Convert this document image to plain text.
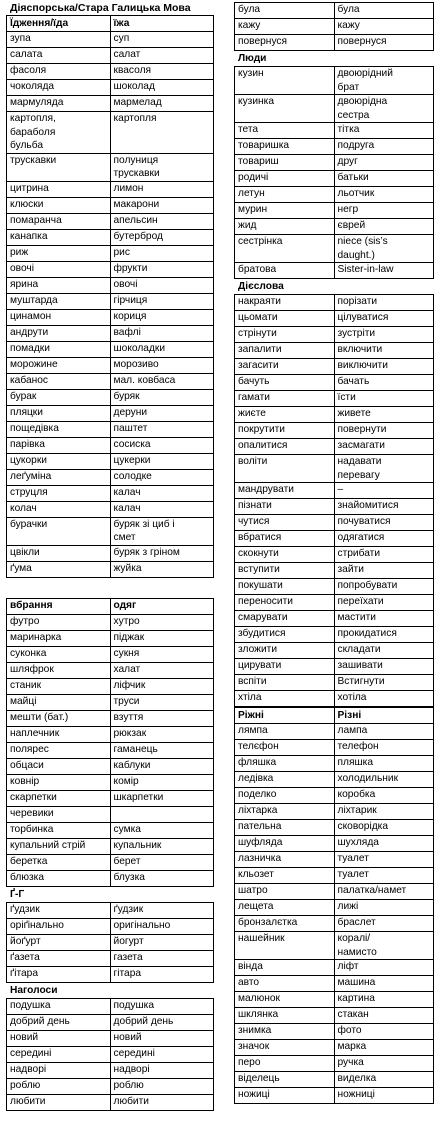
Діяспорська/Стара Галицька Мова
Їдження/їда	їжа
зупа	суп
салата	салат
фасоля	квасоля
чоколяда	шоколад
мармуляда	мармелад
картопля,
бараболя
бульба	картопля
трускавки	полуниця
трускавки
цитрина	лимон
клюски	макарони
помаранча	апельсин
канапка	бутерброд
риж	рис
овочі	фрукти
ярина	овочі
муштарда	гірчиця
цинамон	кориця
андрути	вафлі
помадки	шоколадки
морожине	морозиво
кабанос	мал. ковбаса
бурак	буряк
пляцки	деруни
пощедівка	паштет
парівка	сосиска
цукорки	цукерки
леґуміна	солодке
струцля	калач
колач	калач
бурачки	буряк зі циб і
смет
цвікли	буряк з гріном
ґума	жуйка
вбрання	одяг
футро	хутро
маринарка	піджак
суконка	сукня
шляфрок	халат
станик	ліфчик
майці	труси
мешти (бат.)	взуття
наплечник	рюкзак
полярес	гаманець
обцаси	каблуки
ковнір	комір
скарпетки	шкарпетки
черевики	
торбинка	сумка
купальний стрій	купальник
беретка	берет
блюзка	блузка
Ґ-Г
ґудзик	ґудзик
оріґінально	оригінально
йоґурт	йогурт
ґазета	газета
ґітара	гітара
Наголоси
подушка	подушка
добрий день	добрий день
новий	новий
середині	середині
надворі	надворі
роблю	роблю
любити	любити
була	була
кажу	кажу
повернуся	повернуся
Люди
кузин	двоюрідний
брат
кузинка	двоюрідна
сестра
тета	тітка
товаришка	подруга
товариш	друг
родичі	батьки
летун	льотчик
мурин	негр
жид	єврей
сестрінка	niece (sis’s
daught.)
братова	Sister-in-law
Дієслова
накраяти	порізати
цьомати	цілуватися
стрінути	зустріти
запалити	включити
загасити	виключити
бачуть	бачать
гамати	їсти
жиєте	живете
покрутити	повернути
опалитися	засмагати
воліти	надавати
перевагу
мандрувати	–
пізнати	знайомитися
чутися	почуватися
вбратися	одягатися
скокнути	стрибати
вступити	зайти
покушати	попробувати
переносити	переїхати
смарувати	мастити
збудитися	прокидатися
зложити	складати
цирувати	зашивати
вспіти	Встигнути
хтіла	хотіла
Ріжні	Різні
лямпа	лампа
телєфон	телефон
фляшка	пляшка
ледівка	холодильник
поделко	коробка
ліхтарка	ліхтарик
пательна	сковорідка
шуфляда	шухляда
лазничка	туалет
кльозет	туалет
шатро	палатка/намет
лещета	лижі
бронзалєтка	браслет
нашейник	коралі/
намисто
вінда	ліфт
авто	машина
малюнок	картина
шклянка	стакан
знимка	фото
значок	марка
перо	ручка
віделець	виделка
ножиці	ножниці
